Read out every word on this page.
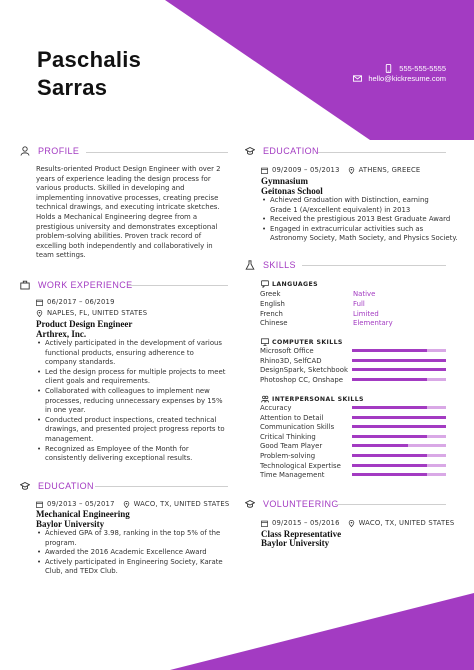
Paschalis
Sarras
555-555-5555
hello@kickresume.com
PROFILE
Results-oriented Product Design Engineer with over 2
years of experience leading the design process for
various products. Skilled in developing and
implementing innovative processes, creating precise
technical drawings, and executing intricate sketches.
Holds a Mechanical Engineering degree from a
prestigious university and demonstrates exceptional
problem-solving abilities. Proven track record of
excelling both independently and collaboratively in
team settings.
WORK EXPERIENCE
06/2017 – 06/2019
NAPLES, FL, UNITED STATES
Product Design Engineer
Arthrex, Inc.
• Actively participated in the development of various
functional products, ensuring adherence to
company standards.
• Led the design process for multiple projects to meet
client goals and requirements.
• Collaborated with colleagues to implement new
processes, reducing unnecessary expenses by 15%
in one year.
• Conducted product inspections, created technical
drawings, and presented project progress reports to
management.
• Recognized as Employee of the Month for
consistently delivering exceptional results.
EDUCATION
09/2013 – 05/2017	WACO, TX, UNITED STATES
Mechanical Engineering
Baylor University
• Achieved GPA of 3.98, ranking in the top 5% of the
program.
• Awarded the 2016 Academic Excellence Award
• Actively participated in Engineering Society, Karate
Club, and TEDx Club.
EDUCATION
09/2009 – 05/2013	ATHENS, GREECE
Gymnasium
Geitonas School
• Achieved Graduation with Distinction, earning
Grade 1 (A/excellent equivalent) in 2013
• Received the prestigious 2013 Best Graduate Award
• Engaged in extracurricular activities such as
Astronomy Society, Math Society, and Physics Society.
SKILLS
LANGUAGES
Greek	Native
English	Full
French	Limited
Chinese	Elementary
COMPUTER SKILLS
Microsoft Office
Rhino3D, SelfCAD
DesignSpark, Sketchbook
Photoshop CC, Onshape
INTERPERSONAL SKILLS
Accuracy
Attention to Detail
Communication Skills
Critical Thinking
Good Team Player
Problem-solving
Technological Expertise
Time Management
VOLUNTEERING
09/2015 – 05/2016	WACO, TX, UNITED STATES
Class Representative
Baylor University
